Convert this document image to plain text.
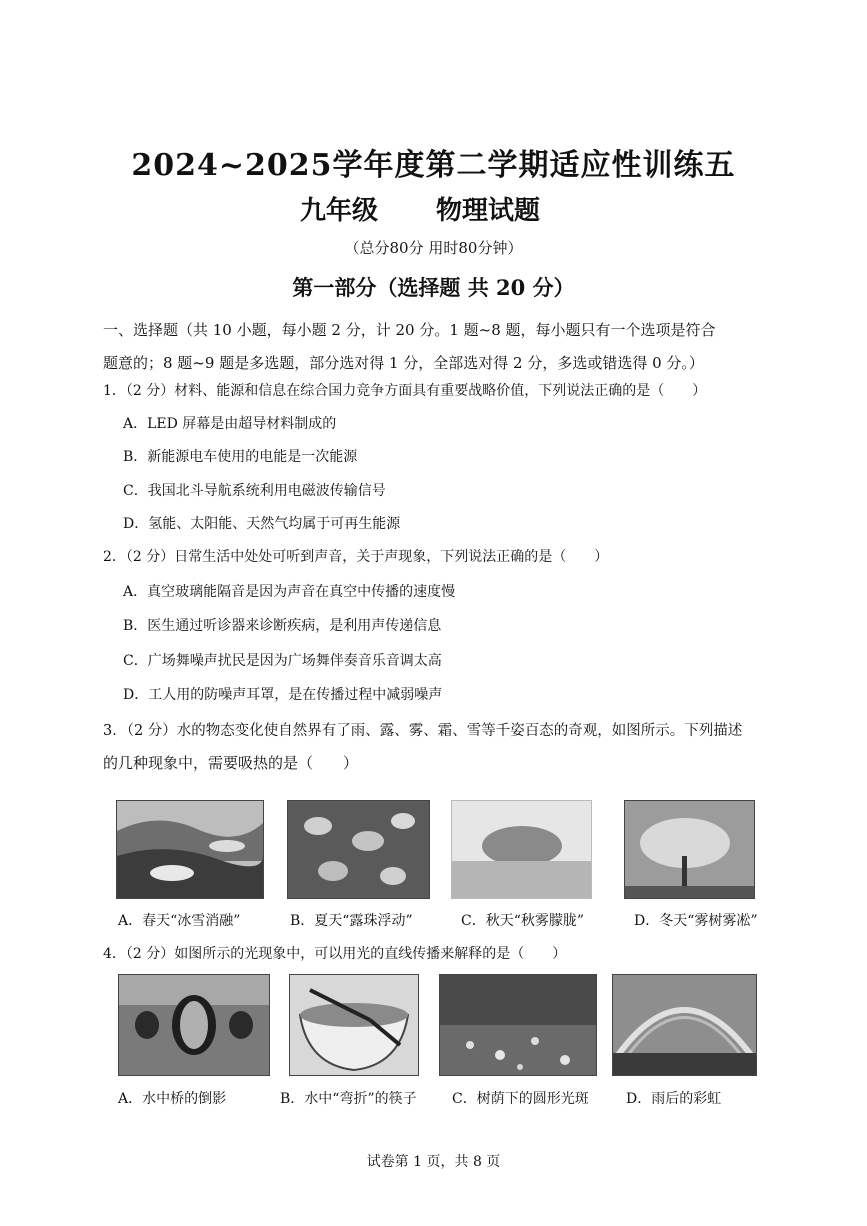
2024~2025学年度第二学期适应性训练五
九年级 物理试题
（总分80分 用时80分钟）
第一部分（选择题 共 20 分）
一、选择题（共 10 小题，每小题 2 分，计 20 分。1 题~8 题，每小题只有一个选项是符合
题意的；8 题~9 题是多选题，部分选对得 1 分，全部选对得 2 分，多选或错选得 0 分。）
1．（2 分）材料、能源和信息在综合国力竞争方面具有重要战略价值，下列说法正确的是（　　）
A．LED 屏幕是由超导材料制成的
B．新能源电车使用的电能是一次能源
C．我国北斗导航系统利用电磁波传输信号
D．氢能、太阳能、天然气均属于可再生能源
2．（2 分）日常生活中处处可听到声音，关于声现象，下列说法正确的是（　　）
A．真空玻璃能隔音是因为声音在真空中传播的速度慢
B．医生通过听诊器来诊断疾病，是利用声传递信息
C．广场舞噪声扰民是因为广场舞伴奏音乐音调太高
D．工人用的防噪声耳罩，是在传播过程中减弱噪声
3．（2 分）水的物态变化使自然界有了雨、露、雾、霜、雪等千姿百态的奇观，如图所示。下列描述
的几种现象中，需要吸热的是（　　）
A．春天“冰雪消融”	B．夏天“露珠浮动”	C．秋天“秋雾朦胧”	D．冬天“雾树雾凇”
4．（2 分）如图所示的光现象中，可以用光的直线传播来解释的是（　　）
A．水中桥的倒影	B．水中“弯折”的筷子	C．树荫下的圆形光斑	D．雨后的彩虹
试卷第 1 页，共 8 页
